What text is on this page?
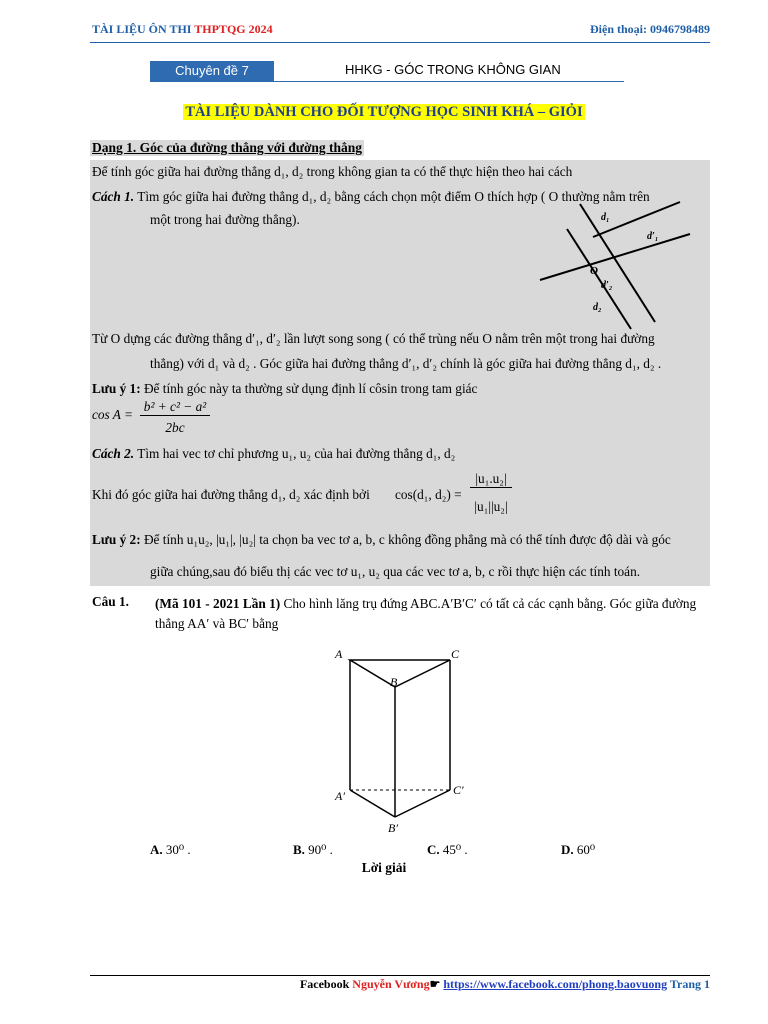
TÀI LIỆU ÔN THI THPTQG 2024	Điện thoại: 0946798489
Chuyên đề 7	HHKG - GÓC TRONG KHÔNG GIAN
TÀI LIỆU DÀNH CHO ĐỐI TƯỢNG HỌC SINH KHÁ – GIỎI
Dạng 1. Góc của đường thẳng với đường thẳng
Để tính góc giữa hai đường thẳng d₁, d₂ trong không gian ta có thể thực hiện theo hai cách
Cách 1. Tìm góc giữa hai đường thẳng d₁, d₂ bằng cách chọn một điểm O thích hợp ( O thường nằm trên
một trong hai đường thẳng).	d₁
d′₁
O
d′₂
d₂
Từ O dựng các đường thẳng d′₁, d′₂ lần lượt song song ( có thể trùng nếu O nằm trên một trong hai đường
thẳng) với d₁ và d₂ . Góc giữa hai đường thẳng d′₁, d′₂ chính là góc giữa hai đường thẳng d₁, d₂ .
Lưu ý 1: Để tính góc này ta thường sử dụng định lí côsin trong tam giác
cos A =
b² + c² − a²
2bc
Cách 2. Tìm hai vec tơ chỉ phương u₁, u₂ của hai đường thẳng d₁, d₂
Khi đó góc giữa hai đường thẳng d₁, d₂ xác định bởi cos(d₁, d₂) =
|u₁.u₂|
|u₁||u₂|
Lưu ý 2: Để tính u₁u₂, |u₁|, |u₂| ta chọn ba vec tơ a, b, c không đồng phẳng mà có thể tính được độ dài và góc
giữa chúng,sau đó biểu thị các vec tơ u₁, u₂ qua các vec tơ a, b, c rồi thực hiện các tính toán.
Câu 1. (Mã 101 - 2021 Lần 1) Cho hình lăng trụ đứng ABC.A′B′C′ có tất cả các cạnh bằng. Góc giữa đường thẳng AA′ và BC′ bằng
A	C
B
A′	C′
B′
A. 30⁰ .	B. 90⁰ .	C. 45⁰ .	D. 60⁰
Lời giải
Facebook Nguyễn Vương☛ https://www.facebook.com/phong.baovuong Trang 1
